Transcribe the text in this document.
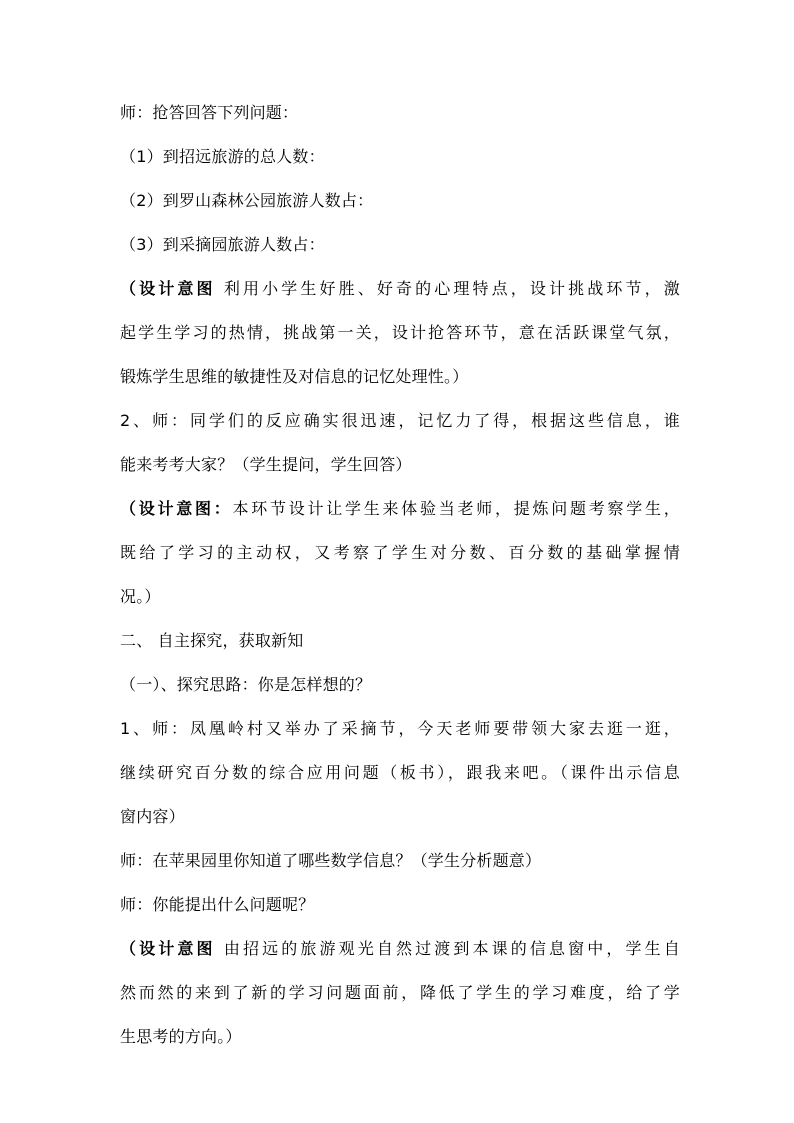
师：抢答回答下列问题：
（1）到招远旅游的总人数：
（2）到罗山森林公园旅游人数占：
（3）到采摘园旅游人数占：
（设计意图 利用小学生好胜、好奇的心理特点，设计挑战环节，激
起学生学习的热情，挑战第一关，设计抢答环节，意在活跃课堂气氛，
锻炼学生思维的敏捷性及对信息的记忆处理性。）
2、师：同学们的反应确实很迅速，记忆力了得，根据这些信息，谁
能来考考大家？（学生提问，学生回答）
（设计意图：本环节设计让学生来体验当老师，提炼问题考察学生，
既给了学习的主动权，又考察了学生对分数、百分数的基础掌握情
况。）
二、 自主探究，获取新知
（一）、探究思路：你是怎样想的？
1、师：凤凰岭村又举办了采摘节，今天老师要带领大家去逛一逛，
继续研究百分数的综合应用问题（板书），跟我来吧。（课件出示信息
窗内容）
师：在苹果园里你知道了哪些数学信息？（学生分析题意）
师：你能提出什么问题呢？
（设计意图 由招远的旅游观光自然过渡到本课的信息窗中，学生自
然而然的来到了新的学习问题面前，降低了学生的学习难度，给了学
生思考的方向。）
